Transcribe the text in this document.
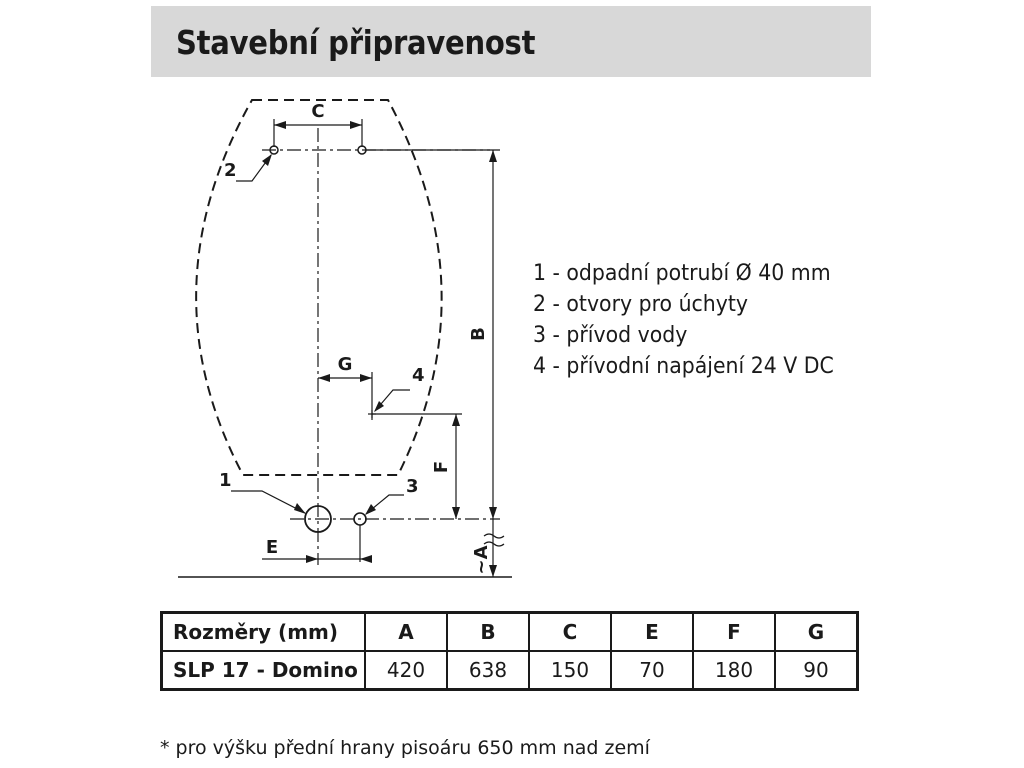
Stavební připravenost
C
2
B
G
4
F
1	3
E	~A
1 - odpadní potrubí Ø 40 mm
2 - otvory pro úchyty
3 - přívod vody
4 - přívodní napájení 24 V DC
Rozměry (mm)	A	B	C	E	F	G
SLP 17 - Domino	420	638	150	70	180	90
* pro výšku přední hrany pisoáru 650 mm nad zemí
